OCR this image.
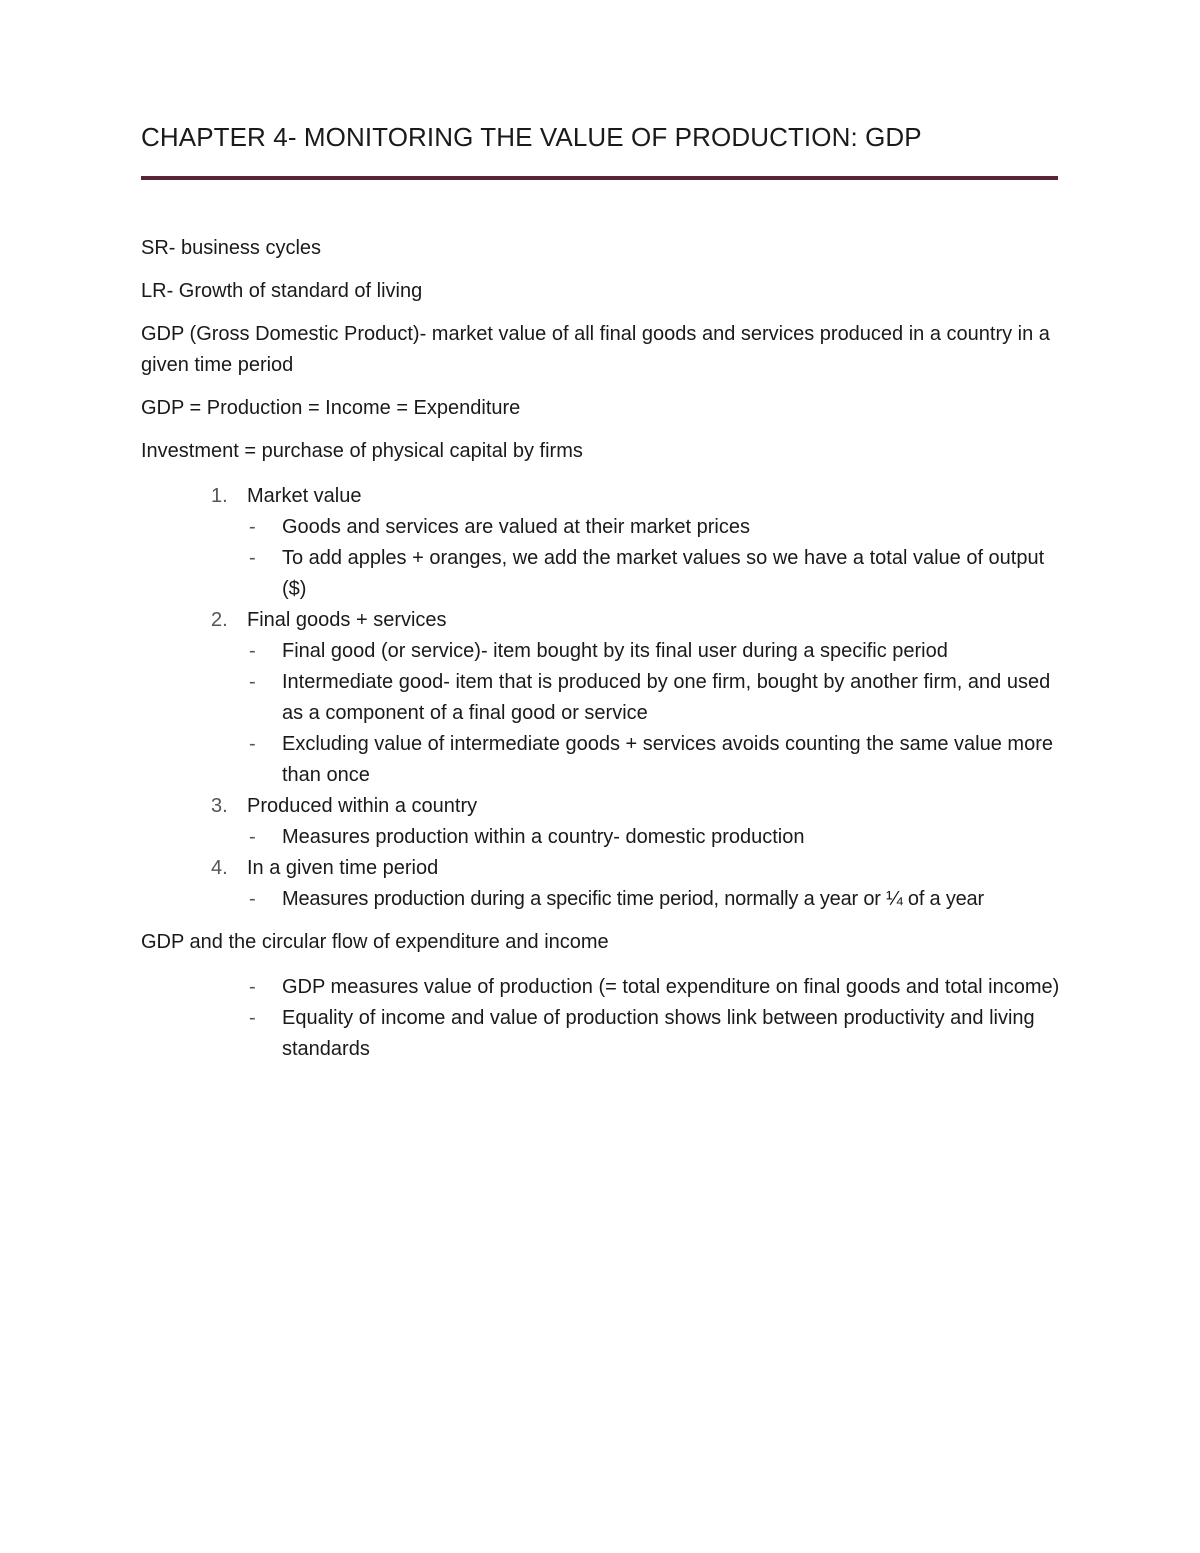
CHAPTER 4- MONITORING THE VALUE OF PRODUCTION: GDP

SR- business cycles

LR- Growth of standard of living

GDP (Gross Domestic Product)- market value of all final goods and services produced in a country in a given time period

GDP = Production = Income = Expenditure

Investment = purchase of physical capital by firms

1. Market value
- Goods and services are valued at their market prices
- To add apples + oranges, we add the market values so we have a total value of output ($)
2. Final goods + services
- Final good (or service)- item bought by its final user during a specific period
- Intermediate good- item that is produced by one firm, bought by another firm, and used as a component of a final good or service
- Excluding value of intermediate goods + services avoids counting the same value more than once
3. Produced within a country
- Measures production within a country- domestic production
4. In a given time period
- Measures production during a specific time period, normally a year or ¼ of a year

GDP and the circular flow of expenditure and income

- GDP measures value of production (= total expenditure on final goods and total income)
- Equality of income and value of production shows link between productivity and living standards
